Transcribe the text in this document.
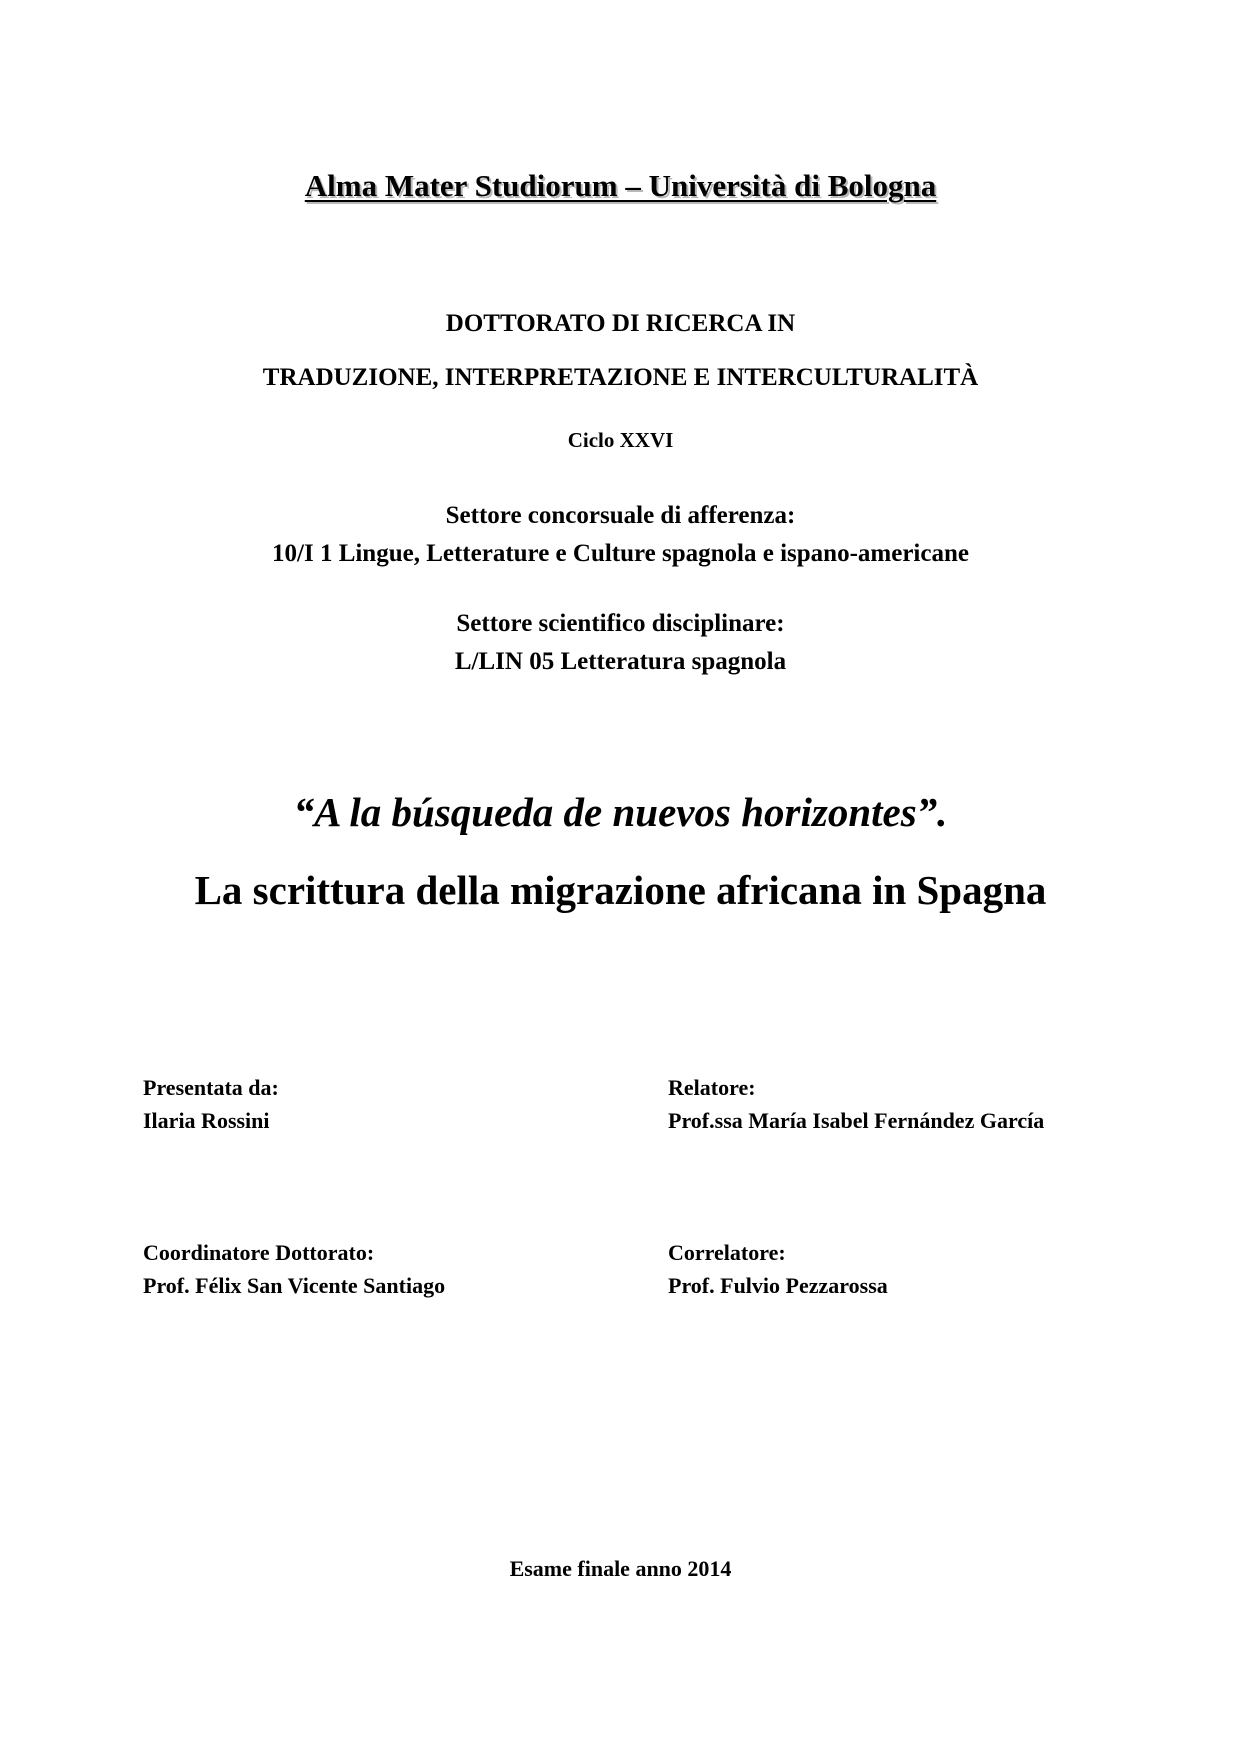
Alma Mater Studiorum – Università di Bologna
DOTTORATO DI RICERCA IN
TRADUZIONE, INTERPRETAZIONE E INTERCULTURALITÀ
Ciclo XXVI
Settore concorsuale di afferenza:
10/I 1 Lingue, Letterature e Culture spagnola e ispano-americane
Settore scientifico disciplinare:
L/LIN 05 Letteratura spagnola
“A la búsqueda de nuevos horizontes”.
La scrittura della migrazione africana in Spagna
Presentata da:
Ilaria Rossini
Relatore:
Prof.ssa María Isabel Fernández García
Coordinatore Dottorato:
Prof. Félix San Vicente Santiago
Correlatore:
Prof. Fulvio Pezzarossa
Esame finale anno 2014
